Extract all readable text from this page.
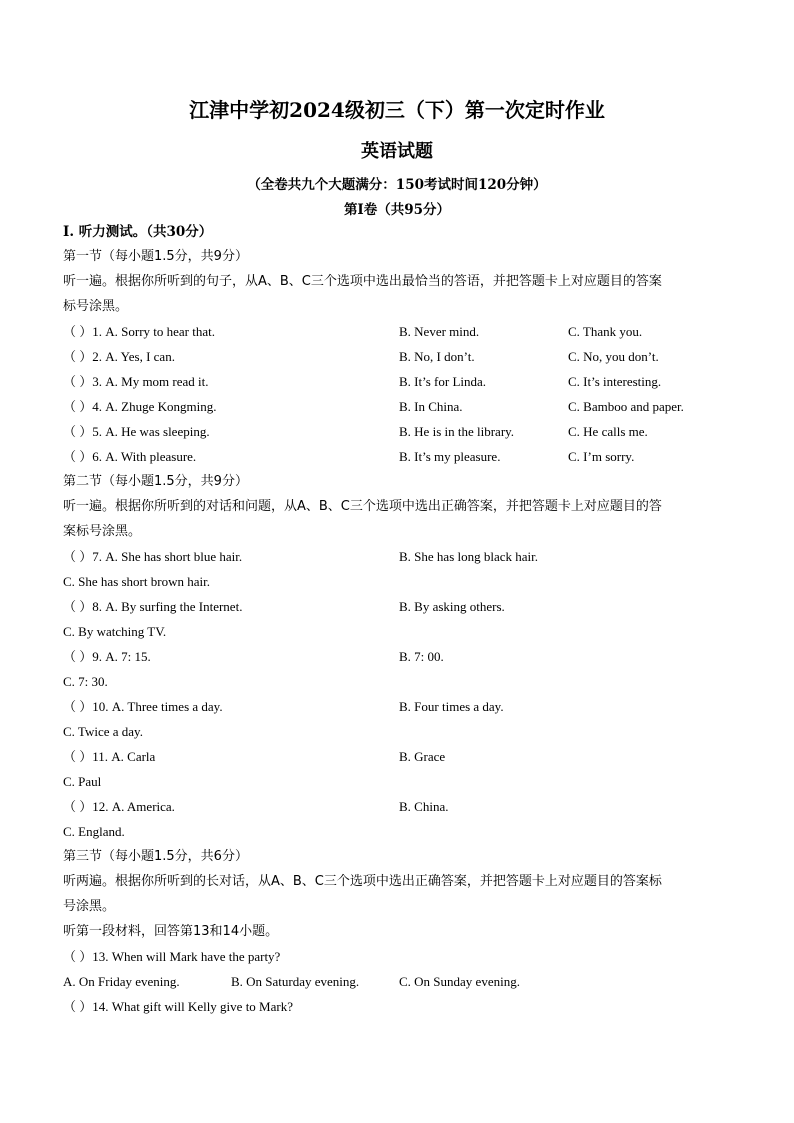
江津中学初2024级初三（下）第一次定时作业
英语试题
（全卷共九个大题满分：150考试时间120分钟）
第I卷（共95分）
I. 听力测试。（共30分）
第一节（每小题1.5分，共9分）
听一遍。根据你所听到的句子，从A、B、C三个选项中选出最恰当的答语，并把答题卡上对应题目的答案
标号涂黑。
（ ）1. A. Sorry to hear that.	B. Never mind.	C. Thank you.
（ ）2. A. Yes, I can.	B. No, I don’t.	C. No, you don’t.
（ ）3. A. My mom read it.	B. It’s for Linda.	C. It’s interesting.
（ ）4. A. Zhuge Kongming.	B. In China.	C. Bamboo and paper.
（ ）5. A. He was sleeping.	B. He is in the library.	C. He calls me.
（ ）6. A. With pleasure.	B. It’s my pleasure.	C. I’m sorry.
第二节（每小题1.5分，共9分）
听一遍。根据你所听到的对话和问题，从A、B、C三个选项中选出正确答案，并把答题卡上对应题目的答
案标号涂黑。
（ ）7. A. She has short blue hair.	B. She has long black hair.
C. She has short brown hair.
（ ）8. A. By surfing the Internet.	B. By asking others.
C. By watching TV.
（ ）9. A. 7: 15.	B. 7: 00.
C. 7: 30.
（ ）10. A. Three times a day.	B. Four times a day.
C. Twice a day.
（ ）11. A. Carla	B. Grace
C. Paul
（ ）12. A. America.	B. China.
C. England.
第三节（每小题1.5分，共6分）
听两遍。根据你所听到的长对话，从A、B、C三个选项中选出正确答案，并把答题卡上对应题目的答案标
号涂黑。
听第一段材料，回答第13和14小题。
（ ）13. When will Mark have the party?
A. On Friday evening.	B. On Saturday evening.	C. On Sunday evening.
（ ）14. What gift will Kelly give to Mark?
